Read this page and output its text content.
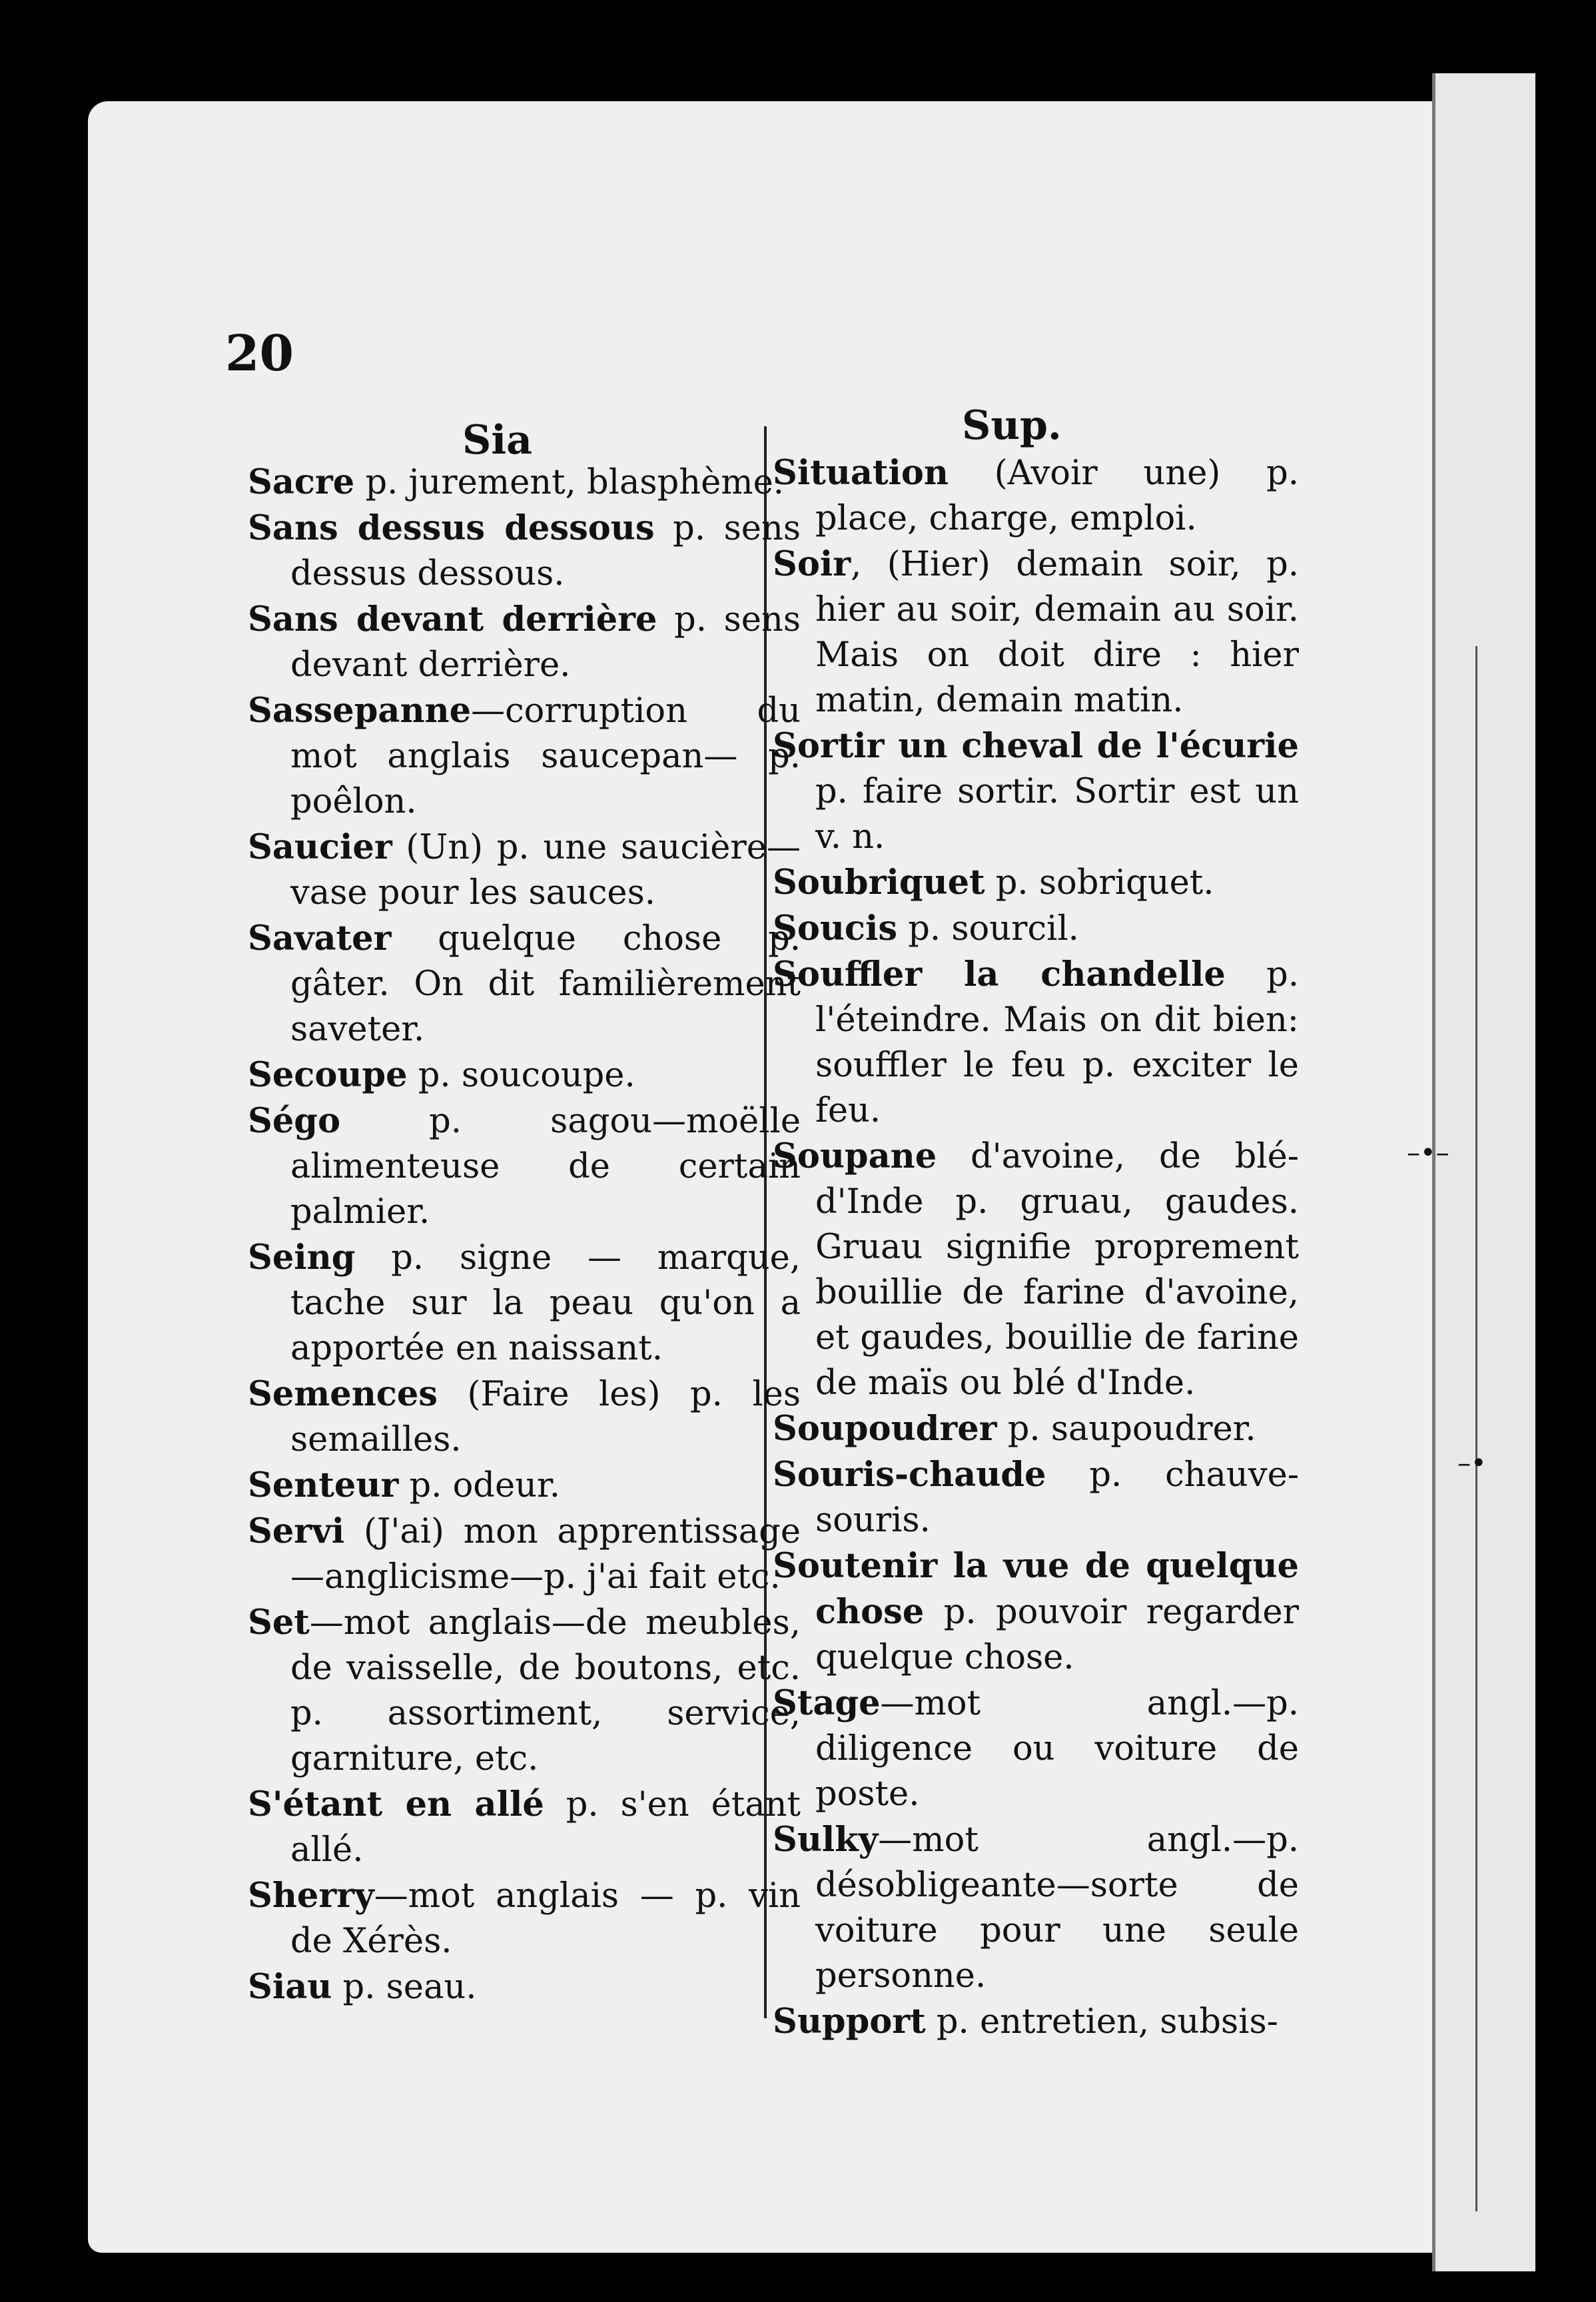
20
Sia	Sup.

Sacre p. jurement, blasphème.

Sans dessus dessous p. sens dessus dessous.

Sans devant derrière p. sens devant derrière.

Sassepanne—corruption du mot anglais saucepan— p. poêlon.

Saucier (Un) p. une saucière—vase pour les sauces.

Savater quelque chose p. gâter. On dit familièrement saveter.

Secoupe p. soucoupe.

Ségo p. sagou—moëlle alimenteuse de certain palmier.

Seing p. signe — marque, tache sur la peau qu'on a apportée en naissant.

Semences (Faire les) p. les semailles.

Senteur p. odeur.

Servi (J'ai) mon apprentissage—anglicisme—p. j'ai fait etc.

Set—mot anglais—de meubles, de vaisselle, de boutons, etc. p. assortiment, service, garniture, etc.

S'étant en allé p. s'en étant allé.

Sherry—mot anglais — p. vin de Xérès.

Siau p. seau.

Situation (Avoir une) p. place, charge, emploi.

Soir, (Hier) demain soir, p. hier au soir, demain au soir. Mais on doit dire : hier matin, demain matin.

Sortir un cheval de l'écurie p. faire sortir. Sortir est un v. n.

Soubriquet p. sobriquet.

Soucis p. sourcil.

Souffler la chandelle p. l'éteindre. Mais on dit bien: souffler le feu p. exciter le feu.

Soupane d'avoine, de blé-d'Inde p. gruau, gaudes. Gruau signifie proprement bouillie de farine d'avoine, et gaudes, bouillie de farine de maïs ou blé d'Inde.

Soupoudrer p. saupoudrer.

Souris-chaude p. chauve-souris.

Soutenir la vue de quelque chose p. pouvoir regarder quelque chose.

Stage—mot angl.—p. diligence ou voiture de poste.

Sulky—mot angl.—p. désobligeante—sorte de voiture pour une seule personne.

Support p. entretien, subsis-

–•–
–•
